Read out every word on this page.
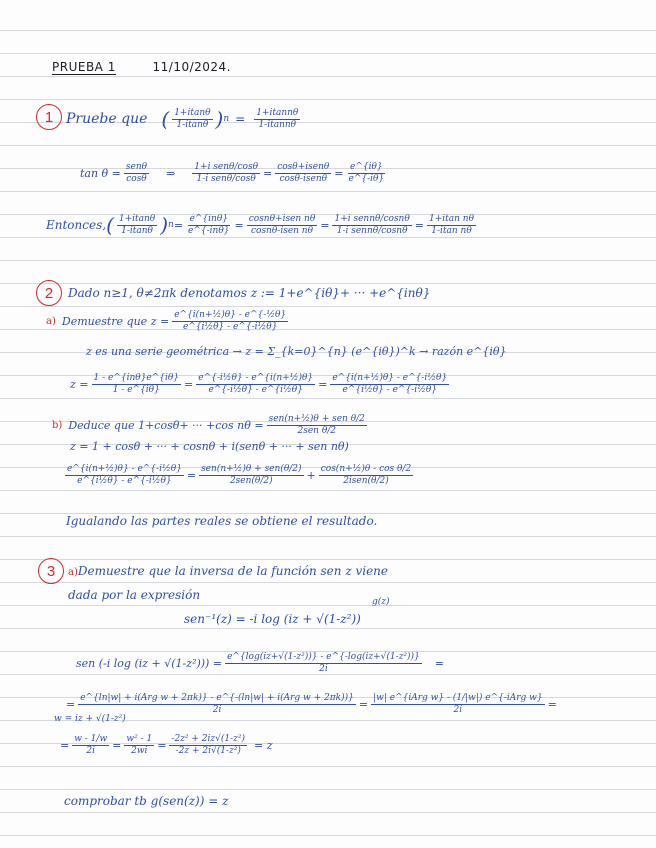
PRUEBA 1	11/10/2024.
1 Pruebe que ( $\frac{1+itan\theta}{1-itan\theta}$ ) $n = \frac{1+itann\theta}{1-itann\theta}$
$\tan \theta = \frac{\text{senθ}}{\cos\theta}$ ⇒ $\frac{\text{1+i senθ/cosθ}}{\text{1-i senθ/cosθ}} = \frac{\text{cosθ+isenθ}}{\text{cosθ-isenθ}} = \frac{e\^{}\{i\theta\}}{e\^{}\{-i\theta\}}$
Entonces, ( $\frac{1+itan\theta}{1-itan\theta}$ ) $n = \frac{\text{e\textasciicircum{}\{inθ\}}}{\text{e\textasciicircum{}\{-inθ\}}} = \frac{\text{cosnθ+isen nθ}}{\text{cosnθ-isen nθ}} = \frac{\text{1+i sennθ/cosnθ}}{\text{1-i sennθ/cosnθ}} = \frac{\text{1+itan nθ}}{\text{1-itan nθ}}$
2	Dado n≥1, θ≠2πk denotamos z := 1+e^{iθ}+ ··· +e^{inθ}
a) Demuestre que $z = \frac{\text{e\textasciicircum{}\{i(n+½)θ\} - e\textasciicircum{}\{-½θ\}}}{\text{e\textasciicircum{}\{i½θ\} - e\textasciicircum{}\{-i½θ\}}}$
z es una serie geométrica → z = Σ_{k=0}^{n} (e^{iθ})^k → razón e^{iθ}
$z = \frac{\text{1 - e\textasciicircum{}\{inθ\}e\textasciicircum{}\{iθ\}}}{1 - e\^{}\{i\theta\}} = \frac{\text{e\textasciicircum{}\{-i½θ\} - e\textasciicircum{}\{i(n+½)θ\}}}{\text{e\textasciicircum{}\{-i½θ\} - e\textasciicircum{}\{i½θ\}}} = \frac{\text{e\textasciicircum{}\{i(n+½)θ\} - e\textasciicircum{}\{-i½θ\}}}{\text{e\textasciicircum{}\{i½θ\} - e\textasciicircum{}\{-i½θ\}}}$
b) Deduce que 1+cosθ+ ··· +cos $n\theta = \frac{\text{sen(n+½)θ + sen θ/2}}{\text{2sen θ/2}}$
z = 1 + cosθ + ··· + cosnθ + i(senθ + ··· + sen nθ)
$\frac{\text{e\textasciicircum{}\{i(n+½)θ\} - e\textasciicircum{}\{-i½θ\}}}{\text{e\textasciicircum{}\{i½θ\} - e\textasciicircum{}\{-i½θ\}}} = \frac{\text{sen(n+½)θ + sen(θ/2)}}{\text{2sen(θ/2)}} + \frac{\text{cos(n+½)θ - cos θ/2}}{\text{2isen(θ/2)}}$
Igualando las partes reales se obtiene el resultado.
3	a)Demuestre que la inversa de la función sen z viene
dada por la expresión	g(z)
sen⁻¹(z) = -i log (iz + √(1-z²))
sen (-i $\log (iz + √(1-z^2))) = \frac{\text{e\textasciicircum{}\{log(iz+√(1-z²))\} - e\textasciicircum{}\{-log(iz+√(1-z²))\}}}{2i}$ =
w = iz + √(1-z²)
= $\frac{\text{e\textasciicircum{}\{ln|w| + i(Arg w + 2πk)\} - e\textasciicircum{}\{-(ln|w| + i(Arg w + 2πk))\}}}{2i} = \frac{\text{|w| e\textasciicircum{}\{iArg w\} - (1/|w|) e\textasciicircum{}\{-iArg w\}}}{2i}$ =
= $\frac{w - 1/w}{2i} = \frac{\text{w² - 1}}{2wi} = \frac{\text{-2z² + 2iz√(1-z²)}}{\text{-2z + 2i√(1-z²)}} = z$
comprobar tb g(sen(z)) = z
